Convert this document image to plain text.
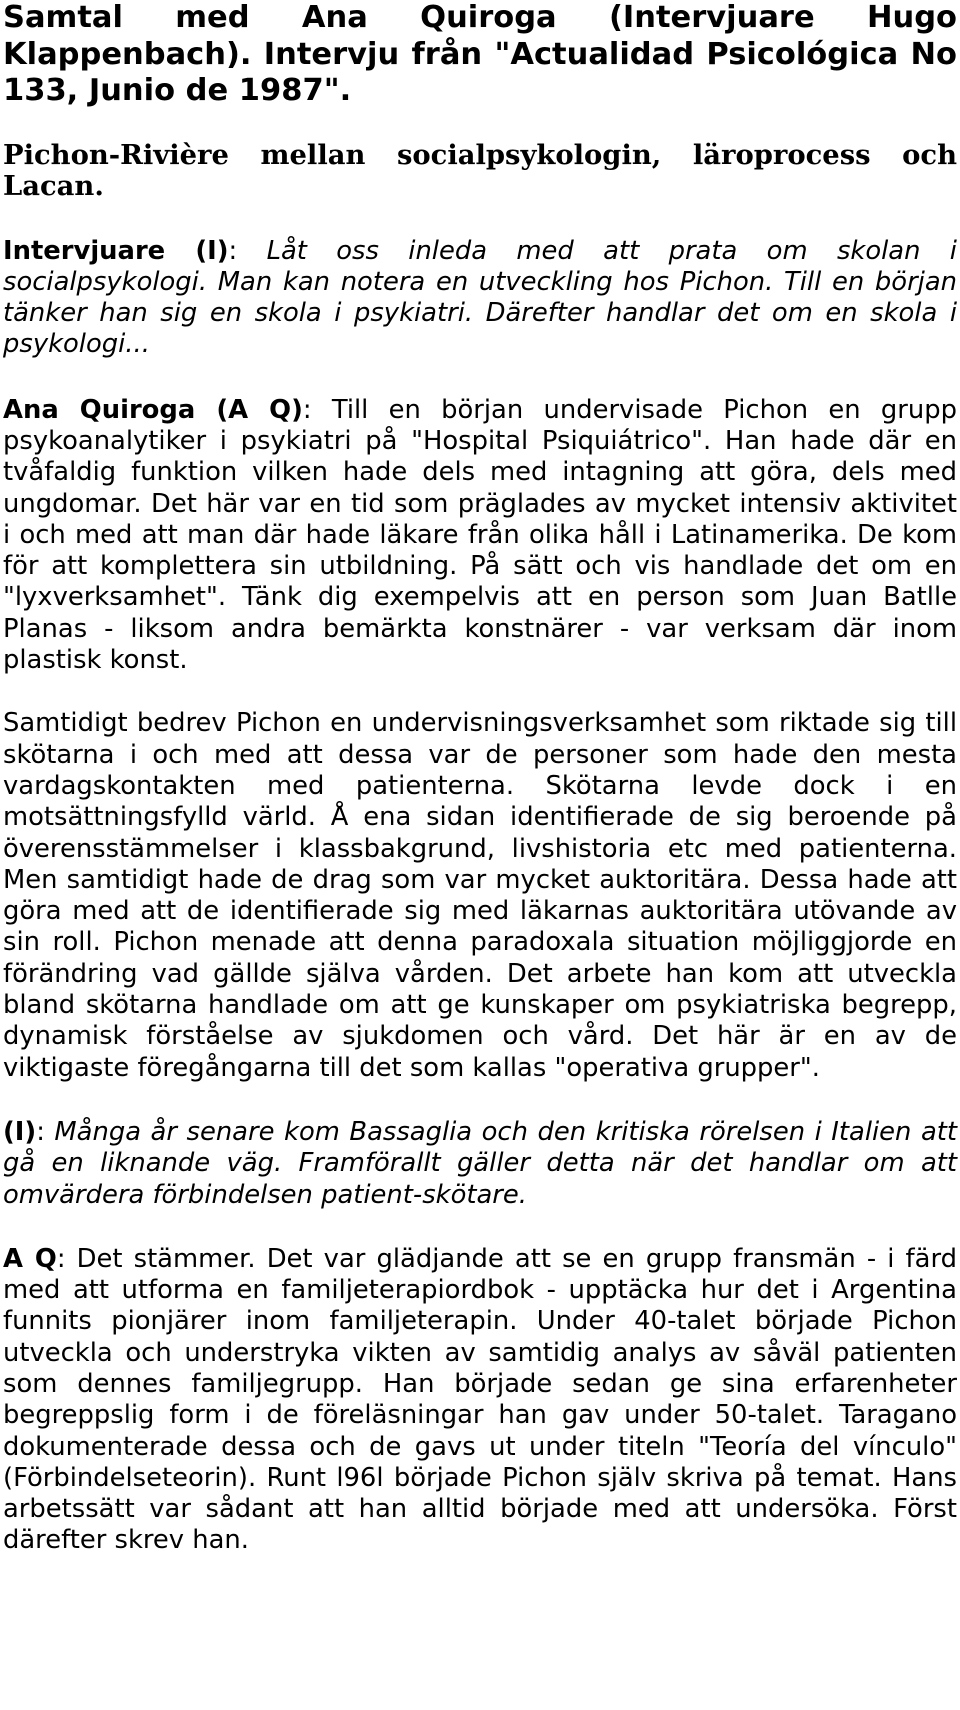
Samtal med Ana Quiroga (Intervjuare Hugo Klappenbach). Intervju från "Actualidad Psicológica No 133, Junio de 1987".
Pichon-Rivière mellan socialpsykologin, läroprocess och Lacan.

Intervjuare (I): Låt oss inleda med att prata om skolan i socialpsykologi. Man kan notera en utveckling hos Pichon. Till en början tänker han sig en skola i psykiatri. Därefter handlar det om en skola i psykologi...

Ana Quiroga (A Q): Till en början undervisade Pichon en grupp psykoanalytiker i psykiatri på "Hospital Psiquiátrico". Han hade där en tvåfaldig funktion vilken hade dels med intagning att göra, dels med ungdomar. Det här var en tid som präglades av mycket intensiv aktivitet i och med att man där hade läkare från olika håll i Latinamerika. De kom för att komplettera sin utbildning. På sätt och vis handlade det om en "lyxverksamhet". Tänk dig exempelvis att en person som Juan Batlle Planas - liksom andra bemärkta konstnärer - var verksam där inom plastisk konst.

Samtidigt bedrev Pichon en undervisningsverksamhet som riktade sig till skötarna i och med att dessa var de personer som hade den mesta vardagskontakten med patienterna. Skötarna levde dock i en motsättningsfylld värld. Å ena sidan identifierade de sig beroende på överensstämmelser i klassbakgrund, livshistoria etc med patienterna. Men samtidigt hade de drag som var mycket auktoritära. Dessa hade att göra med att de identifierade sig med läkarnas auktoritära utövande av sin roll. Pichon menade att denna paradoxala situation möjliggjorde en förändring vad gällde själva vården. Det arbete han kom att utveckla bland skötarna handlade om att ge kunskaper om psykiatriska begrepp, dynamisk förståelse av sjukdomen och vård. Det här är en av de viktigaste föregångarna till det som kallas "operativa grupper".

(I): Många år senare kom Bassaglia och den kritiska rörelsen i Italien att gå en liknande väg. Framförallt gäller detta när det handlar om att omvärdera förbindelsen patient-skötare.

A Q: Det stämmer. Det var glädjande att se en grupp fransmän - i färd med att utforma en familjeterapiordbok - upptäcka hur det i Argentina funnits pionjärer inom familjeterapin. Under 40-talet började Pichon utveckla och understryka vikten av samtidig analys av såväl patienten som dennes familjegrupp. Han började sedan ge sina erfarenheter begreppslig form i de föreläsningar han gav under 50-talet. Taragano dokumenterade dessa och de gavs ut under titeln "Teoría del vínculo" (Förbindelseteorin). Runt l96l började Pichon själv skriva på temat. Hans arbetssätt var sådant att han alltid började med att undersöka. Först därefter skrev han.
